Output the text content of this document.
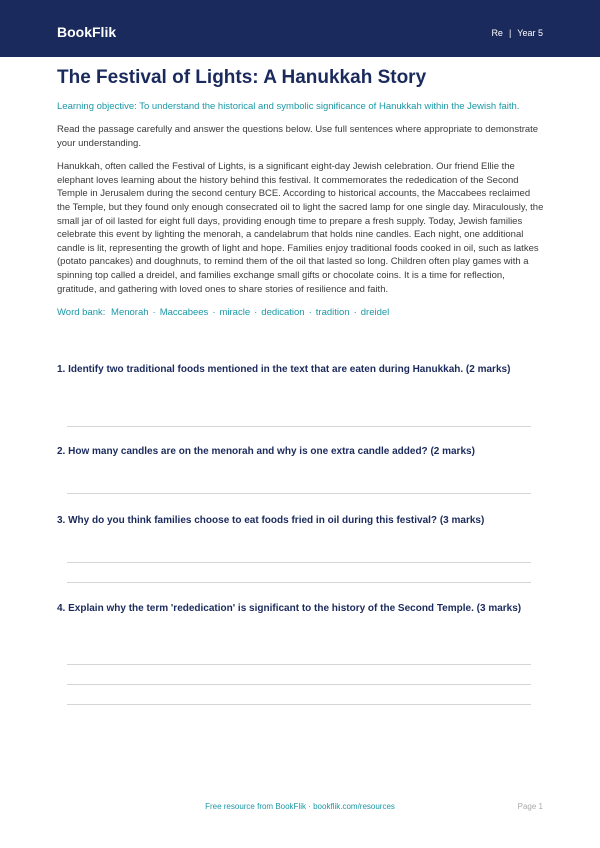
BookFlik	Re | Year 5
The Festival of Lights: A Hanukkah Story

Learning objective: To understand the historical and symbolic significance of Hanukkah within the Jewish faith.

Read the passage carefully and answer the questions below. Use full sentences where appropriate to demonstrate your understanding.

Hanukkah, often called the Festival of Lights, is a significant eight-day Jewish celebration. Our friend Ellie the elephant loves learning about the history behind this festival. It commemorates the rededication of the Second Temple in Jerusalem during the second century BCE. According to historical accounts, the Maccabees reclaimed the Temple, but they found only enough consecrated oil to light the sacred lamp for one single day. Miraculously, the small jar of oil lasted for eight full days, providing enough time to prepare a fresh supply. Today, Jewish families celebrate this event by lighting the menorah, a candelabrum that holds nine candles. Each night, one additional candle is lit, representing the growth of light and hope. Families enjoy traditional foods cooked in oil, such as latkes (potato pancakes) and doughnuts, to remind them of the oil that lasted so long. Children often play games with a spinning top called a dreidel, and families exchange small gifts or chocolate coins. It is a time for reflection, gratitude, and gathering with loved ones to share stories of resilience and faith.

Word bank: Menorah · Maccabees · miracle · dedication · tradition · dreidel

1. Identify two traditional foods mentioned in the text that are eaten during Hanukkah. (2 marks)

2. How many candles are on the menorah and why is one extra candle added? (2 marks)

3. Why do you think families choose to eat foods fried in oil during this festival? (3 marks)

4. Explain why the term 'rededication' is significant to the history of the Second Temple. (3 marks)

Free resource from BookFlik · bookflik.com/resources	Page 1
